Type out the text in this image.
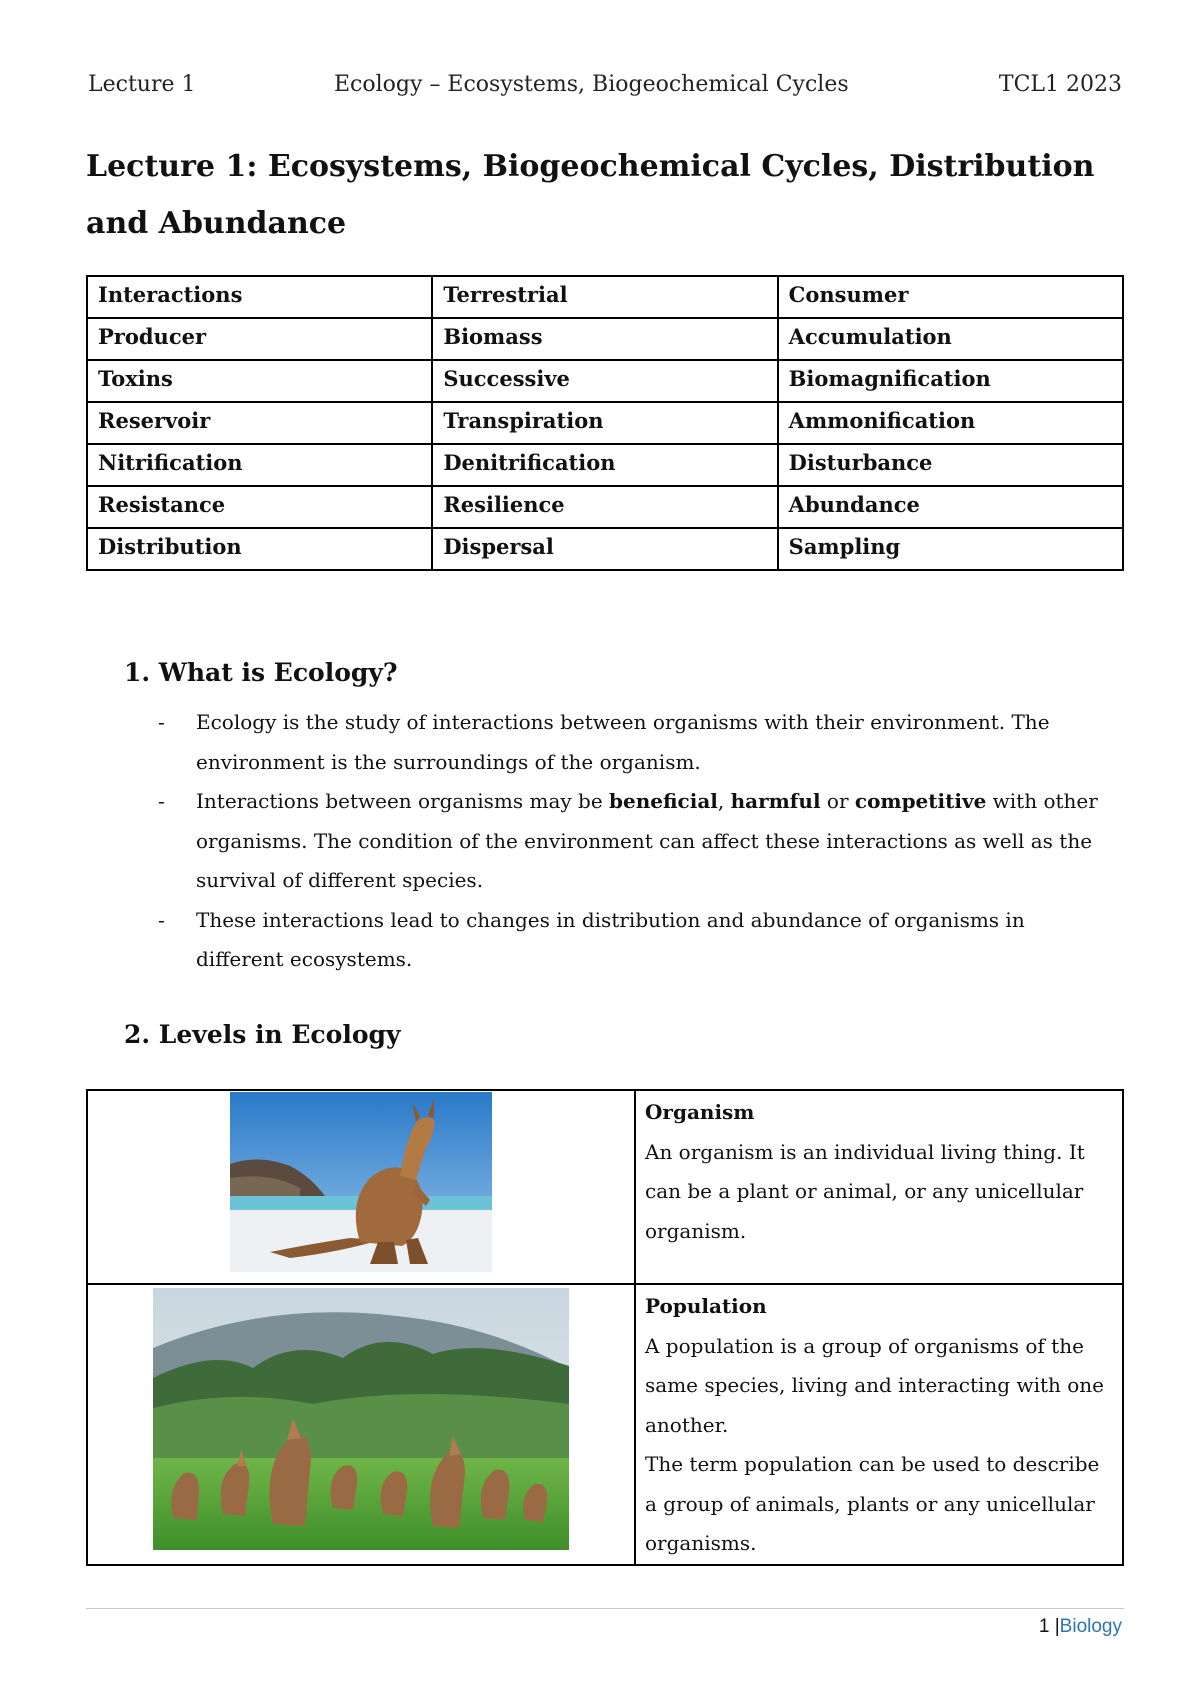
Lecture 1	Ecology – Ecosystems, Biogeochemical Cycles	TCL1 2023
Lecture 1: Ecosystems, Biogeochemical Cycles, Distribution and Abundance
Interactions	Terrestrial	Consumer
Producer	Biomass	Accumulation
Toxins	Successive	Biomagnification
Reservoir	Transpiration	Ammonification
Nitrification	Denitrification	Disturbance
Resistance	Resilience	Abundance
Distribution	Dispersal	Sampling
1. What is Ecology?
- Ecology is the study of interactions between organisms with their environment. The environment is the surroundings of the organism.
- Interactions between organisms may be beneficial, harmful or competitive with other organisms. The condition of the environment can affect these interactions as well as the survival of different species.
- These interactions lead to changes in distribution and abundance of organisms in different ecosystems.
2. Levels in Ecology

Organism
An organism is an individual living thing. It can be a plant or animal, or any unicellular organism.

Population
A population is a group of organisms of the same species, living and interacting with one another.
The term population can be used to describe a group of animals, plants or any unicellular organisms.
1 |Biology
